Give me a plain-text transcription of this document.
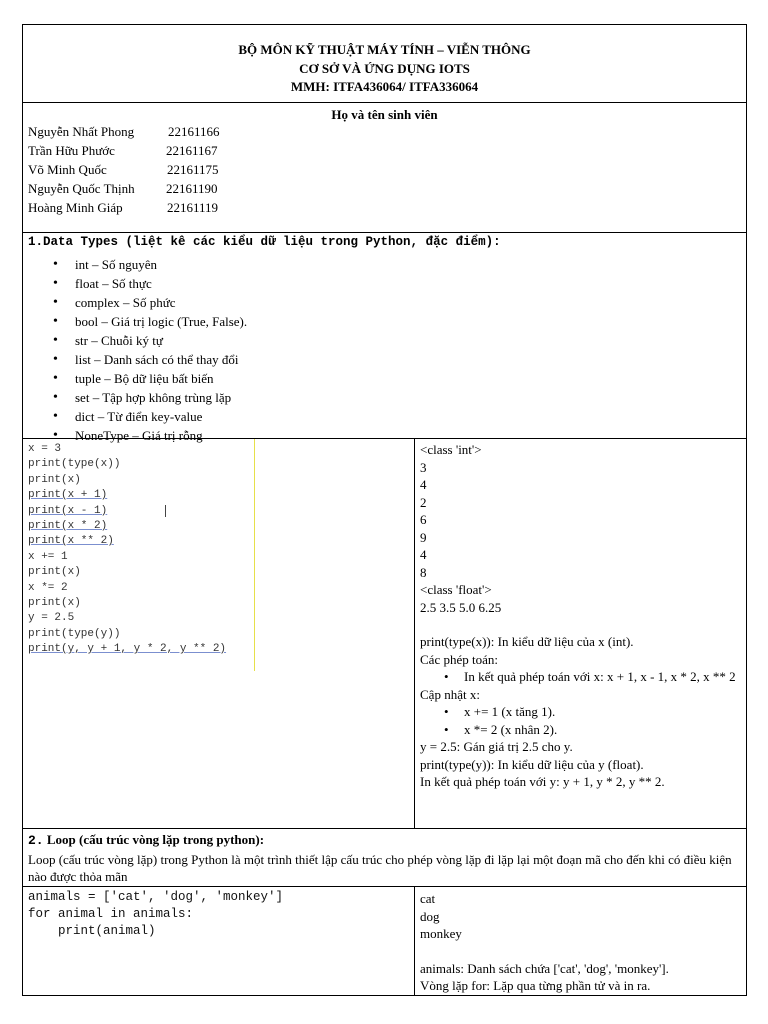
BỘ MÔN KỸ THUẬT MÁY TÍNH – VIỄN THÔNG
CƠ SỞ VÀ ỨNG DỤNG IOTS
MMH: ITFA436064/ ITFA336064
Họ và tên sinh viên
Nguyễn Nhất Phong	22161166
Trần Hữu Phước	22161167
Võ Minh Quốc	22161175
Nguyễn Quốc Thịnh 22161190
Hoàng Minh Giáp	22161119
1.Data Types (liệt kê các kiểu dữ liệu trong Python, đặc điểm):
• int – Số nguyên
• float – Số thực
• complex – Số phức
• bool – Giá trị logic (True, False).
• str – Chuỗi ký tự
• list – Danh sách có thể thay đổi
• tuple – Bộ dữ liệu bất biến
• set – Tập hợp không trùng lặp
• dict – Từ điển key-value
• NoneType – Giá trị rỗng
x = 3
print(type(x))
print(x)
print(x + 1)
print(x - 1)
print(x * 2)
print(x ** 2)
x += 1
print(x)
x *= 2
print(x)
y = 2.5
print(type(y))
print(y, y + 1, y * 2, y ** 2)
<class 'int'>
3
4
2
6
9
4
8
<class 'float'>
2.5 3.5 5.0 6.25
print(type(x)): In kiểu dữ liệu của x (int).
Các phép toán:
• In kết quả phép toán với x: x + 1, x - 1, x * 2, x ** 2
Cập nhật x:
• x += 1 (x tăng 1).
• x *= 2 (x nhân 2).
y = 2.5: Gán giá trị 2.5 cho y.
print(type(y)): In kiểu dữ liệu của y (float).
In kết quả phép toán với y: y + 1, y * 2, y ** 2.
2. Loop (cấu trúc vòng lặp trong python):
Loop (cấu trúc vòng lặp) trong Python là một trình thiết lập cấu trúc cho phép vòng lặp đi lặp lại một đoạn mã cho đến khi có điều kiện nào được thỏa mãn
animals = ['cat', 'dog', 'monkey']
for animal in animals:
print(animal)
cat
dog
monkey
animals: Danh sách chứa ['cat', 'dog', 'monkey'].
Vòng lặp for: Lặp qua từng phần tử và in ra.
